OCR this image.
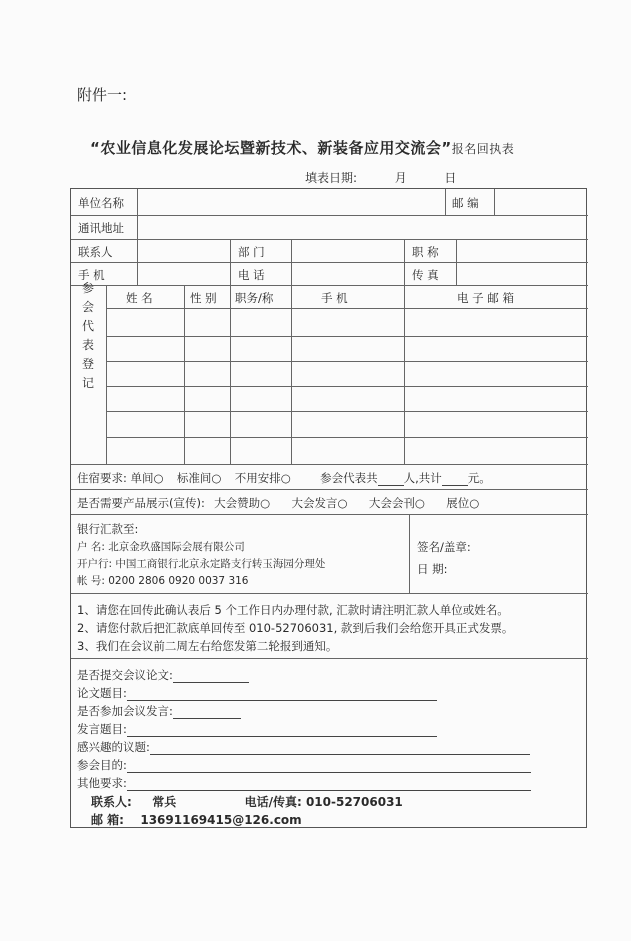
附件一:
“农业信息化发展论坛暨新技术、新装备应用交流会”报名回执表
填表日期:	月	日
单位名称	邮 编
通讯地址
联系人	部 门	职 称
手 机	电 话	传 真
参会代表登记
姓 名	性 别 职务/称	手 机	电 子 邮 箱
住宿要求: 单间○ 标准间○ 不用安排○	参会代表共 人,共计 元。
是否需要产品展示(宣传): 大会赞助○ 大会发言○ 大会会刊○ 展位○
银行汇款至:
户 名: 北京金玖盛国际会展有限公司
开户行: 中国工商银行北京永定路支行转玉海园分理处
帐 号: 0200 2806 0920 0037 316
签名/盖章:
日 期:
1、请您在回传此确认表后 5 个工作日内办理付款, 汇款时请注明汇款人单位或姓名。
2、请您付款后把汇款底单回传至 010-52706031, 款到后我们会给您开具正式发票。
3、我们在会议前二周左右给您发第二轮报到通知。
是否提交会议论文:
论文题目:
是否参加会议发言:
发言题目:
感兴趣的议题:
参会目的:
其他要求:
联系人: 常兵	电话/传真: 010-52706031
邮 箱: 13691169415@126.com
